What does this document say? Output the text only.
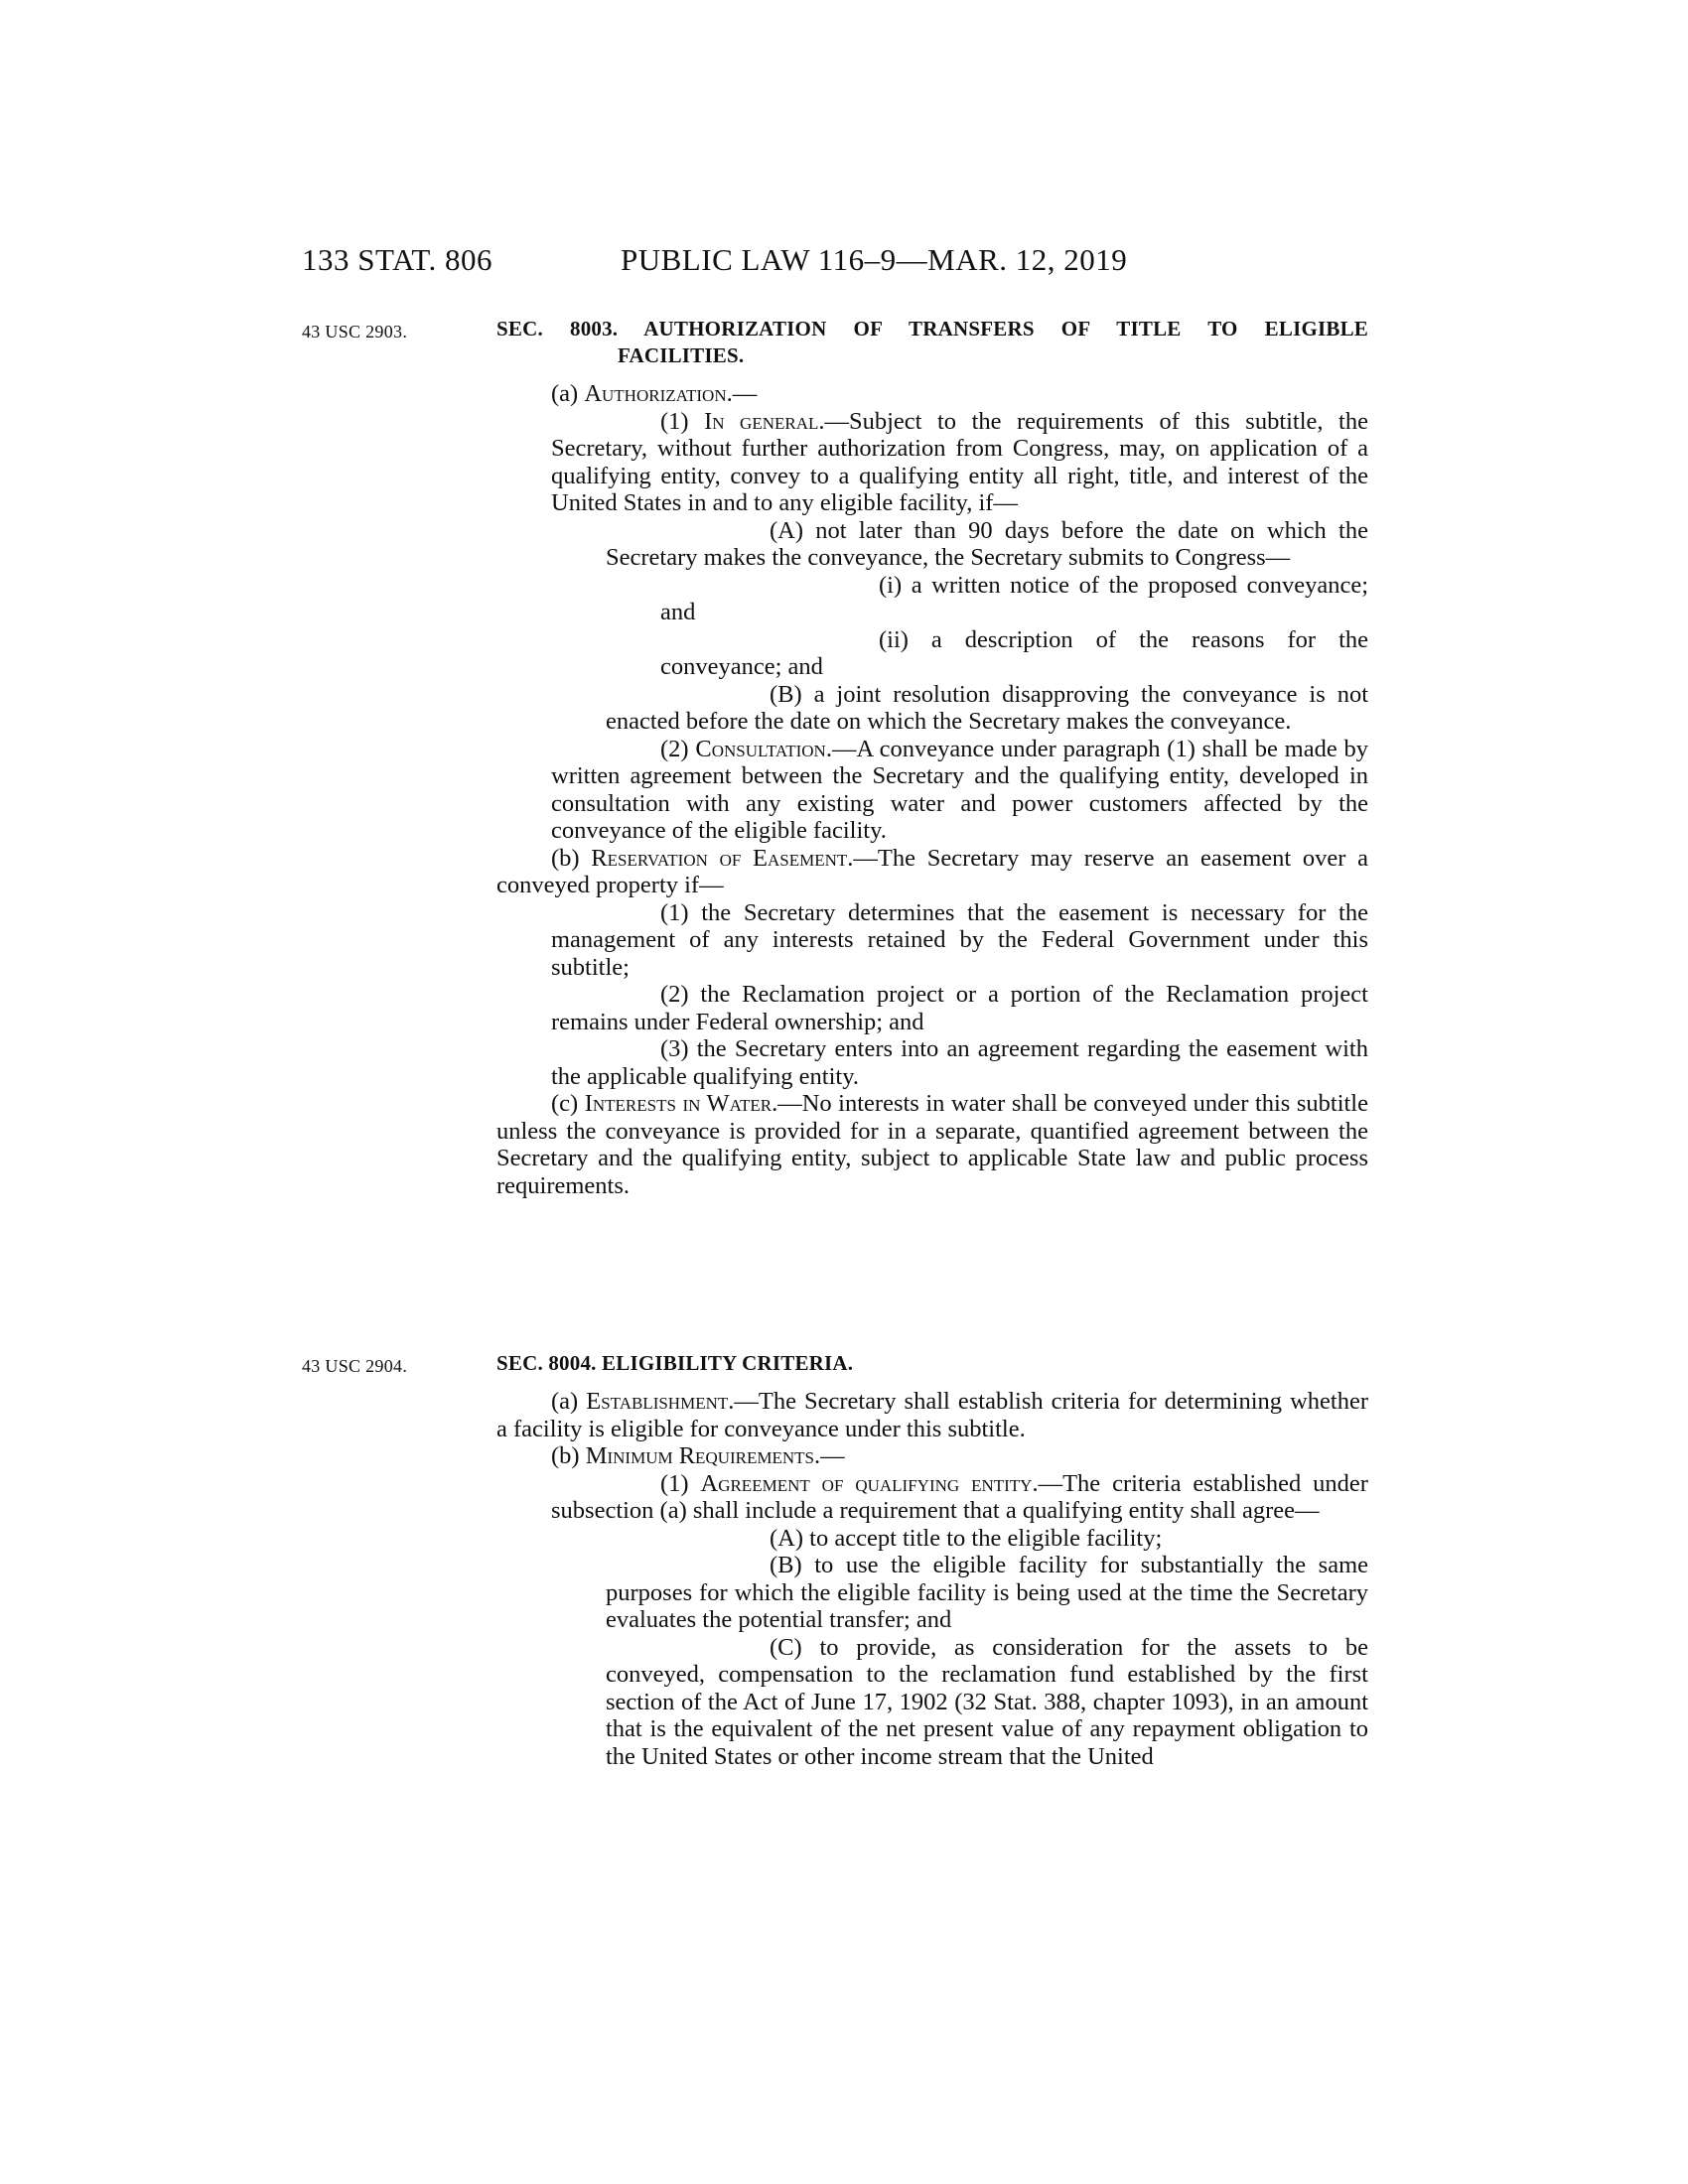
133 STAT. 806	PUBLIC LAW 116–9—MAR. 12, 2019
43 USC 2903.	SEC. 8003. AUTHORIZATION OF TRANSFERS OF TITLE TO ELIGIBLE
FACILITIES.

(a) Authorization.—

(1) In general.—Subject to the requirements of this subtitle, the Secretary, without further authorization from Congress, may, on application of a qualifying entity, convey to a qualifying entity all right, title, and interest of the United States in and to any eligible facility, if—

(A) not later than 90 days before the date on which the Secretary makes the conveyance, the Secretary submits to Congress—

(i) a written notice of the proposed conveyance; and

(ii) a description of the reasons for the conveyance; and

(B) a joint resolution disapproving the conveyance is not enacted before the date on which the Secretary makes the conveyance.

(2) Consultation.—A conveyance under paragraph (1) shall be made by written agreement between the Secretary and the qualifying entity, developed in consultation with any existing water and power customers affected by the conveyance of the eligible facility.

(b) Reservation of Easement.—The Secretary may reserve an easement over a conveyed property if—

(1) the Secretary determines that the easement is necessary for the management of any interests retained by the Federal Government under this subtitle;

(2) the Reclamation project or a portion of the Reclamation project remains under Federal ownership; and

(3) the Secretary enters into an agreement regarding the easement with the applicable qualifying entity.

(c) Interests in Water.—No interests in water shall be conveyed under this subtitle unless the conveyance is provided for in a separate, quantified agreement between the Secretary and the qualifying entity, subject to applicable State law and public process requirements.

43 USC 2904.	SEC. 8004. ELIGIBILITY CRITERIA.

(a) Establishment.—The Secretary shall establish criteria for determining whether a facility is eligible for conveyance under this subtitle.

(b) Minimum Requirements.—

(1) Agreement of qualifying entity.—The criteria established under subsection (a) shall include a requirement that a qualifying entity shall agree—

(A) to accept title to the eligible facility;

(B) to use the eligible facility for substantially the same purposes for which the eligible facility is being used at the time the Secretary evaluates the potential transfer; and

(C) to provide, as consideration for the assets to be conveyed, compensation to the reclamation fund established by the first section of the Act of June 17, 1902 (32 Stat. 388, chapter 1093), in an amount that is the equivalent of the net present value of any repayment obligation to the United States or other income stream that the United
